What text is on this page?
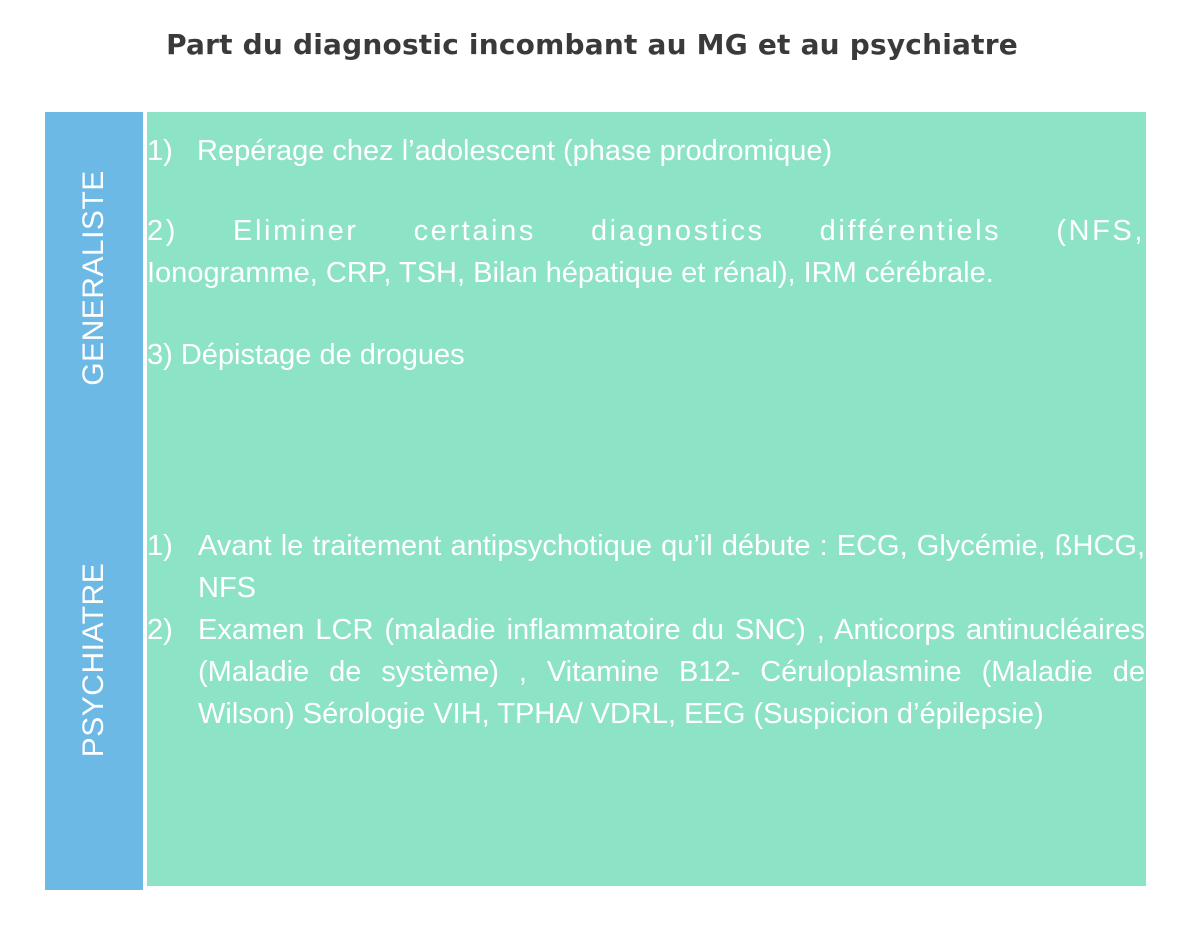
Part du diagnostic incombant au MG et au psychiatre
GENERALISTE
PSYCHIATRE
1) Repérage chez l’adolescent (phase prodromique)
2) Eliminer certains diagnostics différentiels (NFS,
Ionogramme, CRP, TSH, Bilan hépatique et rénal), IRM cérébrale.
3) Dépistage de drogues
1) Avant le traitement antipsychotique qu’il débute : ECG, Glycémie, ßHCG, NFS
2) Examen LCR (maladie inflammatoire du SNC) , Anticorps antinucléaires (Maladie de système) , Vitamine B12- Céruloplasmine (Maladie de Wilson) Sérologie VIH, TPHA/ VDRL, EEG (Suspicion d’épilepsie)
